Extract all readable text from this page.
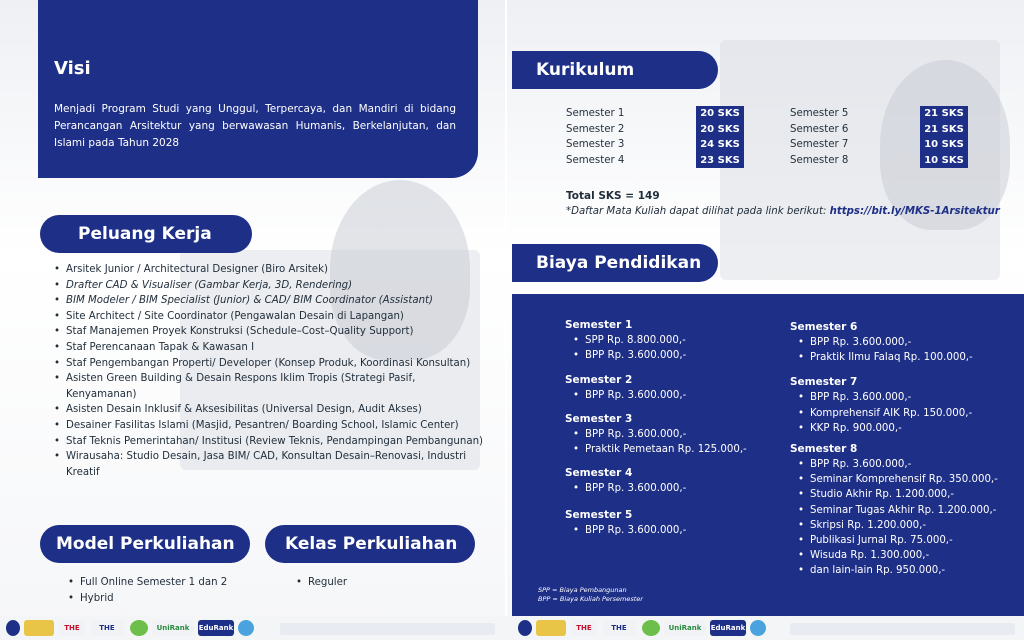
Visi
Menjadi Program Studi yang Unggul, Terpercaya, dan Mandiri di bidang Perancangan Arsitektur yang berwawasan Humanis, Berkelanjutan, dan Islami pada Tahun 2028
Peluang Kerja
• Arsitek Junior / Architectural Designer (Biro Arsitek)
• Drafter CAD & Visualiser (Gambar Kerja, 3D, Rendering)
• BIM Modeler / BIM Specialist (Junior) & CAD/ BIM Coordinator (Assistant)
• Site Architect / Site Coordinator (Pengawalan Desain di Lapangan)
• Staf Manajemen Proyek Konstruksi (Schedule–Cost–Quality Support)
• Staf Perencanaan Tapak & Kawasan I
• Staf Pengembangan Properti/ Developer (Konsep Produk, Koordinasi Konsultan)
• Asisten Green Building & Desain Respons Iklim Tropis (Strategi Pasif, Kenyamanan)
• Asisten Desain Inklusif & Aksesibilitas (Universal Design, Audit Akses)
• Desainer Fasilitas Islami (Masjid, Pesantren/ Boarding School, Islamic Center)
• Staf Teknis Pemerintahan/ Institusi (Review Teknis, Pendampingan Pembangunan)
• Wirausaha: Studio Desain, Jasa BIM/ CAD, Konsultan Desain–Renovasi, Industri Kreatif
Model Perkuliahan	Kelas Perkuliahan
• Full Online Semester 1 dan 2
• Hybrid
• Reguler
Kurikulum
Semester 1	20 SKS
Semester 2	20 SKS
Semester 3	24 SKS
Semester 4	23 SKS
Semester 5	21 SKS
Semester 6	21 SKS
Semester 7	10 SKS
Semester 8	10 SKS
Total SKS = 149
*Daftar Mata Kuliah dapat dilihat pada link berikut: https://bit.ly/MKS-1Arsitektur
Biaya Pendidikan
Semester 1
• SPP Rp. 8.800.000,-
• BPP Rp. 3.600.000,-
Semester 2
• BPP Rp. 3.600.000,-
Semester 3
• BPP Rp. 3.600.000,-
• Praktik Pemetaan Rp. 125.000,-
Semester 4
• BPP Rp. 3.600.000,-
Semester 5
• BPP Rp. 3.600.000,-
Semester 6
• BPP Rp. 3.600.000,-
• Praktik Ilmu Falaq Rp. 100.000,-
Semester 7
• BPP Rp. 3.600.000,-
• Komprehensif AIK Rp. 150.000,-
• KKP Rp. 900.000,-
Semester 8
• BPP Rp. 3.600.000,-
• Seminar Komprehensif Rp. 350.000,-
• Studio Akhir Rp. 1.200.000,-
• Seminar Tugas Akhir Rp. 1.200.000,-
• Skripsi Rp. 1.200.000,-
• Publikasi Jurnal Rp. 75.000,-
• Wisuda Rp. 1.300.000,-
• dan lain-lain Rp. 950.000,-
SPP = Biaya Pembangunan
BPP = Biaya Kuliah Persemester
THE	THE	UniRank EduRank	THE	THE	UniRank EduRank
